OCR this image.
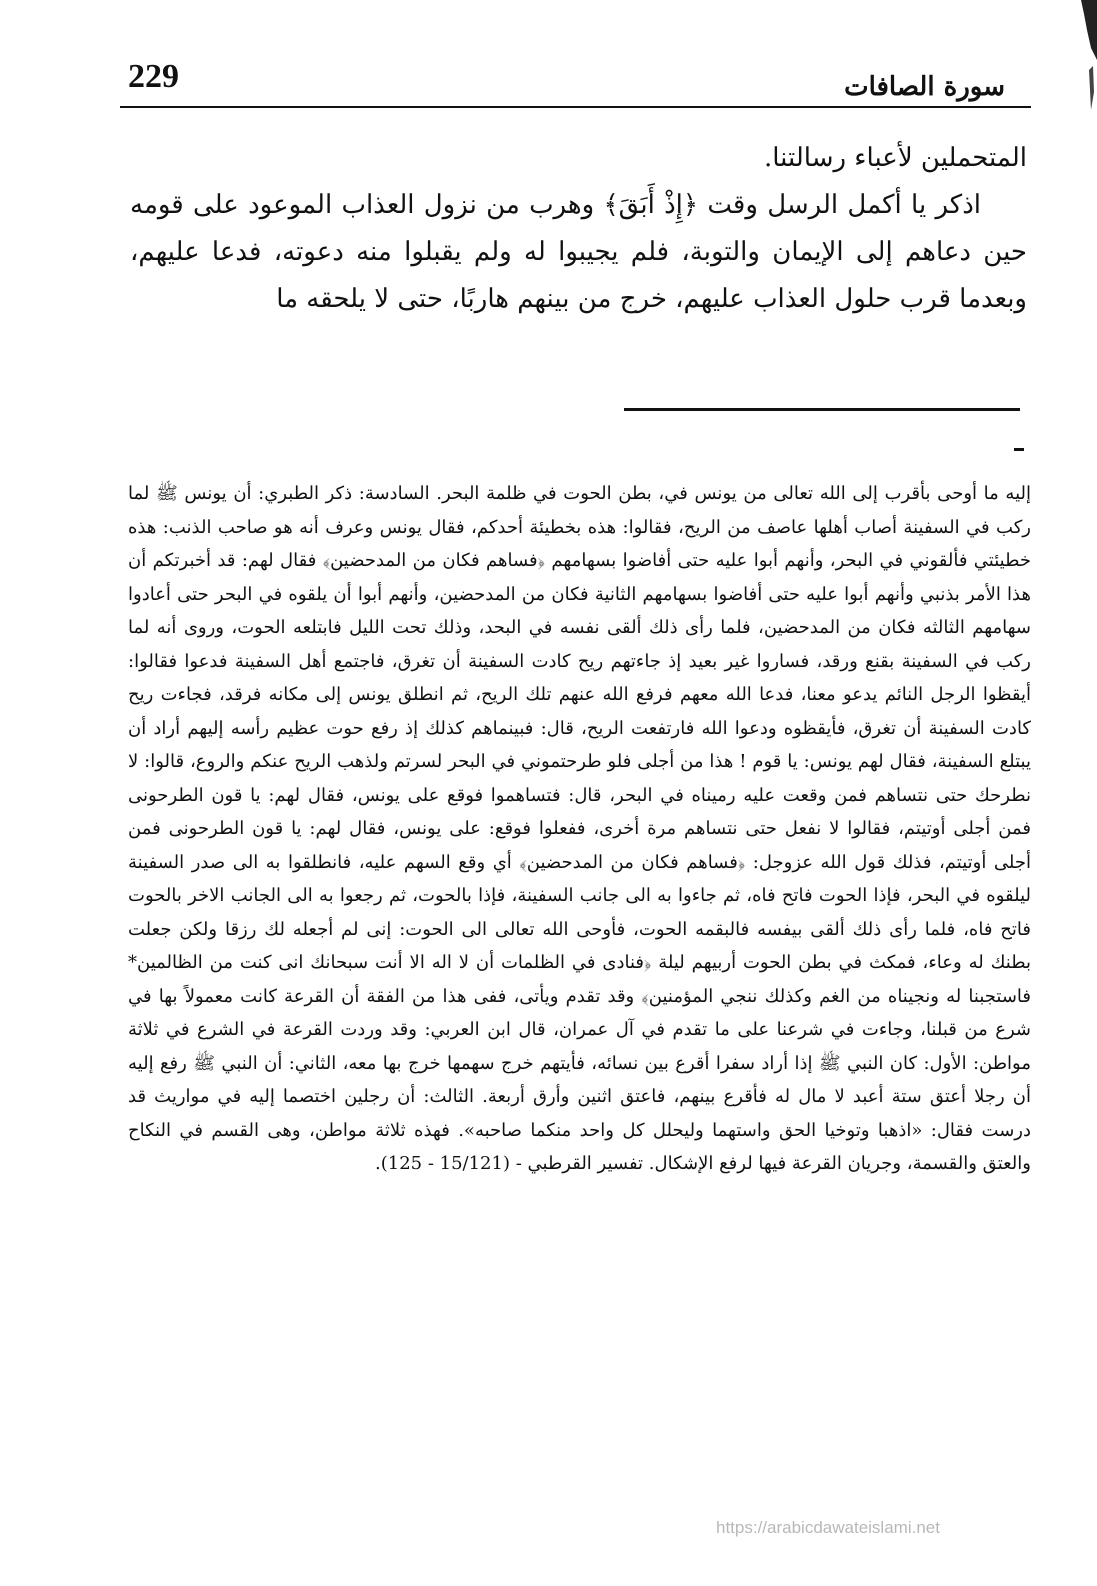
229	سورة الصافات

المتحملين لأعباء رسالتنا.

اذكر يا أكمل الرسل وقت ﴿إِذْ أَبَقَ﴾ وهرب من نزول العذاب الموعود على قومه حين دعاهم إلى الإيمان والتوبة، فلم يجيبوا له ولم يقبلوا منه دعوته، فدعا عليهم، وبعدما قرب حلول العذاب عليهم، خرج من بينهم هاربًا، حتى لا يلحقه ما

إليه ما أوحى بأقرب إلى الله تعالى من يونس في، بطن الحوت في ظلمة البحر. السادسة: ذكر الطبري: أن يونس ﷺ لما ركب في السفينة أصاب أهلها عاصف من الريح، فقالوا: هذه بخطيئة أحدكم، فقال يونس وعرف أنه هو صاحب الذنب: هذه خطيئتي فألقوني في البحر، وأنهم أبوا عليه حتى أفاضوا بسهامهم ﴿فساهم فكان من المدحضين﴾ فقال لهم: قد أخبرتكم أن هذا الأمر بذنبي وأنهم أبوا عليه حتى أفاضوا بسهامهم الثانية فكان من المدحضين، وأنهم أبوا أن يلقوه في البحر حتى أعادوا سهامهم الثالثه فكان من المدحضين، فلما رأى ذلك ألقى نفسه في البحد، وذلك تحت الليل فابتلعه الحوت، وروى أنه لما ركب في السفينة بقنع ورقد، فساروا غير بعيد إذ جاءتهم ريح كادت السفينة أن تغرق، فاجتمع أهل السفينة فدعوا فقالوا: أيقظوا الرجل النائم يدعو معنا، فدعا الله معهم فرفع الله عنهم تلك الريح، ثم انطلق يونس إلى مكانه فرقد، فجاءت ريح كادت السفينة أن تغرق، فأيقظوه ودعوا الله فارتفعت الريح، قال: فبينماهم كذلك إذ رفع حوت عظيم رأسه إليهم أراد أن يبتلع السفينة، فقال لهم يونس: يا قوم ! هذا من أجلى فلو طرحتموني في البحر لسرتم ولذهب الريح عنكم والروع، قالوا: لا نطرحك حتى نتساهم فمن وقعت عليه رميناه في البحر، قال: فتساهموا فوقع على يونس، فقال لهم: يا قون الطرحونى فمن أجلى أوتيتم، فقالوا لا نفعل حتى نتساهم مرة أخرى، ففعلوا فوقع: على يونس، فقال لهم: يا قون الطرحونى فمن أجلى أوتيتم، فذلك قول الله عزوجل: ﴿فساهم فكان من المدحضين﴾ أي وقع السهم عليه، فانطلقوا به الى صدر السفينة ليلقوه في البحر، فإذا الحوت فاتح فاه، ثم جاءوا به الى جانب السفينة، فإذا بالحوت، ثم رجعوا به الى الجانب الاخر بالحوت فاتح فاه، فلما رأى ذلك ألقى بيفسه فالبقمه الحوت، فأوحى الله تعالى الى الحوت: إنى لم أجعله لك رزقا ولكن جعلت بطنك له وعاء، فمكث في بطن الحوت أربيهم ليلة ﴿فنادى في الظلمات أن لا اله الا أنت سبحانك انى كنت من الظالمين* فاستجبنا له ونجيناه من الغم وكذلك ننجي المؤمنين﴾ وقد تقدم ويأتى، ففى هذا من الفقة أن القرعة كانت معمولاً بها في شرع من قبلنا، وجاءت في شرعنا على ما تقدم في آل عمران، قال ابن العربي: وقد وردت القرعة في الشرع في ثلاثة مواطن: الأول: كان النبي ﷺ إذا أراد سفرا أقرع بين نسائه، فأيتهم خرج سهمها خرج بها معه، الثاني: أن النبي ﷺ رفع إليه أن رجلا أعتق ستة أعبد لا مال له فأقرع بينهم، فاعتق اثنين وأرق أربعة. الثالث: أن رجلين اختصما إليه في مواريث قد درست فقال: «اذهبا وتوخيا الحق واستهما وليحلل كل واحد منكما صاحبه». فهذه ثلاثة مواطن، وهى القسم في النكاح والعتق والقسمة، وجريان القرعة فيها لرفع الإشكال. تفسير القرطبي - (15/121 - 125).

https://arabicdawateislami.net
